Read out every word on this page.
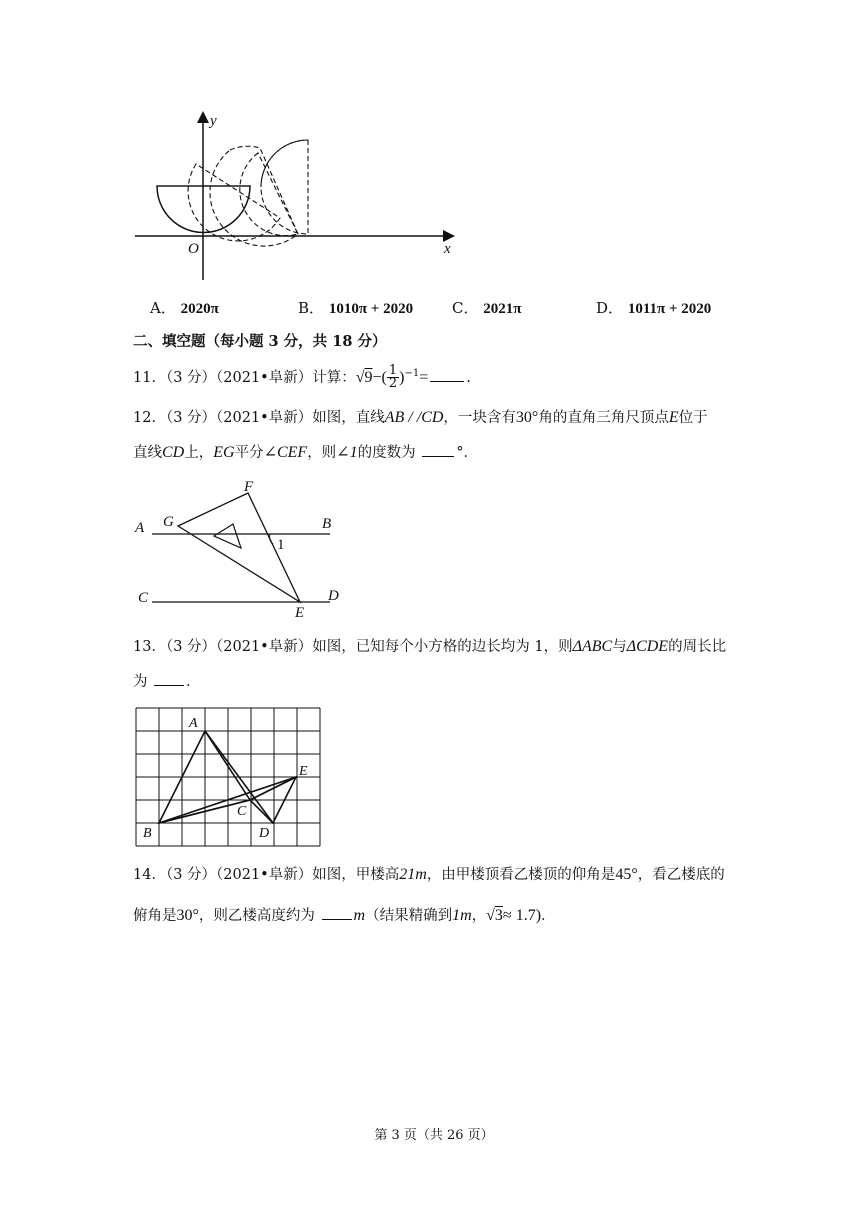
y
x
O
A． 2020π	B． 1010π + 2020	C． 2021π	D． 1011π + 2020
二、填空题（每小题 3 分，共 18 分）
11．（3 分）（2021•阜新）计算：$√9-( \frac{1}{2} )^{-1}=$	.
12．（3 分）（2021•阜新）如图，直线AB / /CD，一块含有30°角的直角三角尺顶点E位于
直线CD上，EG平分∠CEF，则∠1的度数为	°．
A G
F
B
1
C
E
D
13．（3 分）（2021•阜新）如图，已知每个小方格的边长均为 1，则ΔABC与ΔCDE的周长比
为	．
A
B
C
D
E
14．（3 分）（2021•阜新）如图，甲楼高21m，由甲楼顶看乙楼顶的仰角是45°，看乙楼底的
俯角是30°，则乙楼高度约为 m（结果精确到1m，√3≈ 1.7)．
第 3 页（共 26 页）
